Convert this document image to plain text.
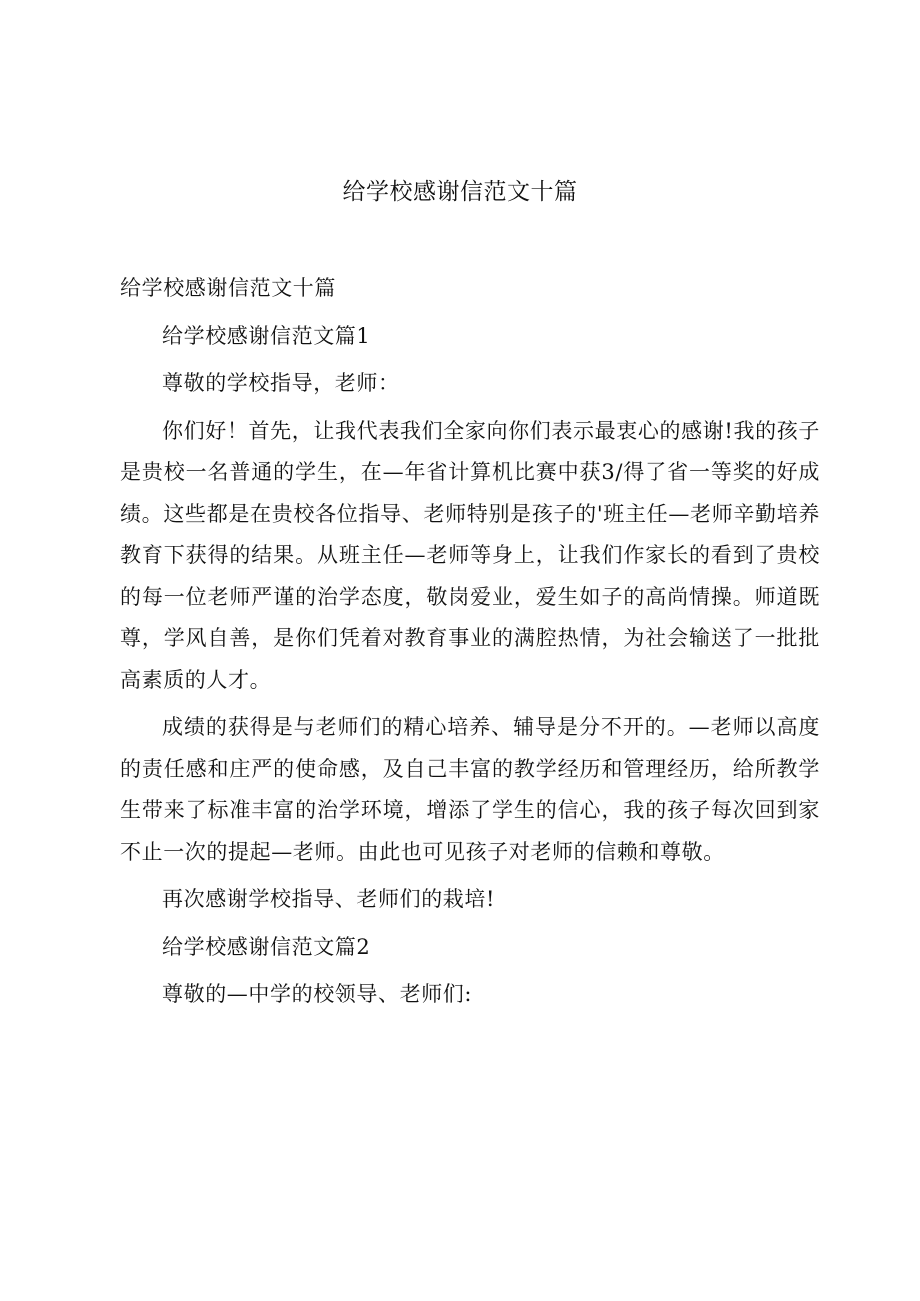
给学校感谢信范文十篇

给学校感谢信范文十篇

给学校感谢信范文篇1

尊敬的学校指导，老师：

你们好！首先，让我代表我们全家向你们表示最衷心的感谢!我的孩子是贵校一名普通的学生，在—年省计算机比赛中获3/得了省一等奖的好成绩。这些都是在贵校各位指导、老师特别是孩子的'班主任—老师辛勤培养教育下获得的结果。从班主任—老师等身上，让我们作家长的看到了贵校的每一位老师严谨的治学态度，敬岗爱业，爱生如子的高尚情操。师道既尊，学风自善，是你们凭着对教育事业的满腔热情，为社会输送了一批批高素质的人才。

成绩的获得是与老师们的精心培养、辅导是分不开的。—老师以高度的责任感和庄严的使命感，及自己丰富的教学经历和管理经历，给所教学生带来了标准丰富的治学环境，增添了学生的信心，我的孩子每次回到家不止一次的提起—老师。由此也可见孩子对老师的信赖和尊敬。

再次感谢学校指导、老师们的栽培!

给学校感谢信范文篇2

尊敬的—中学的校领导、老师们:
